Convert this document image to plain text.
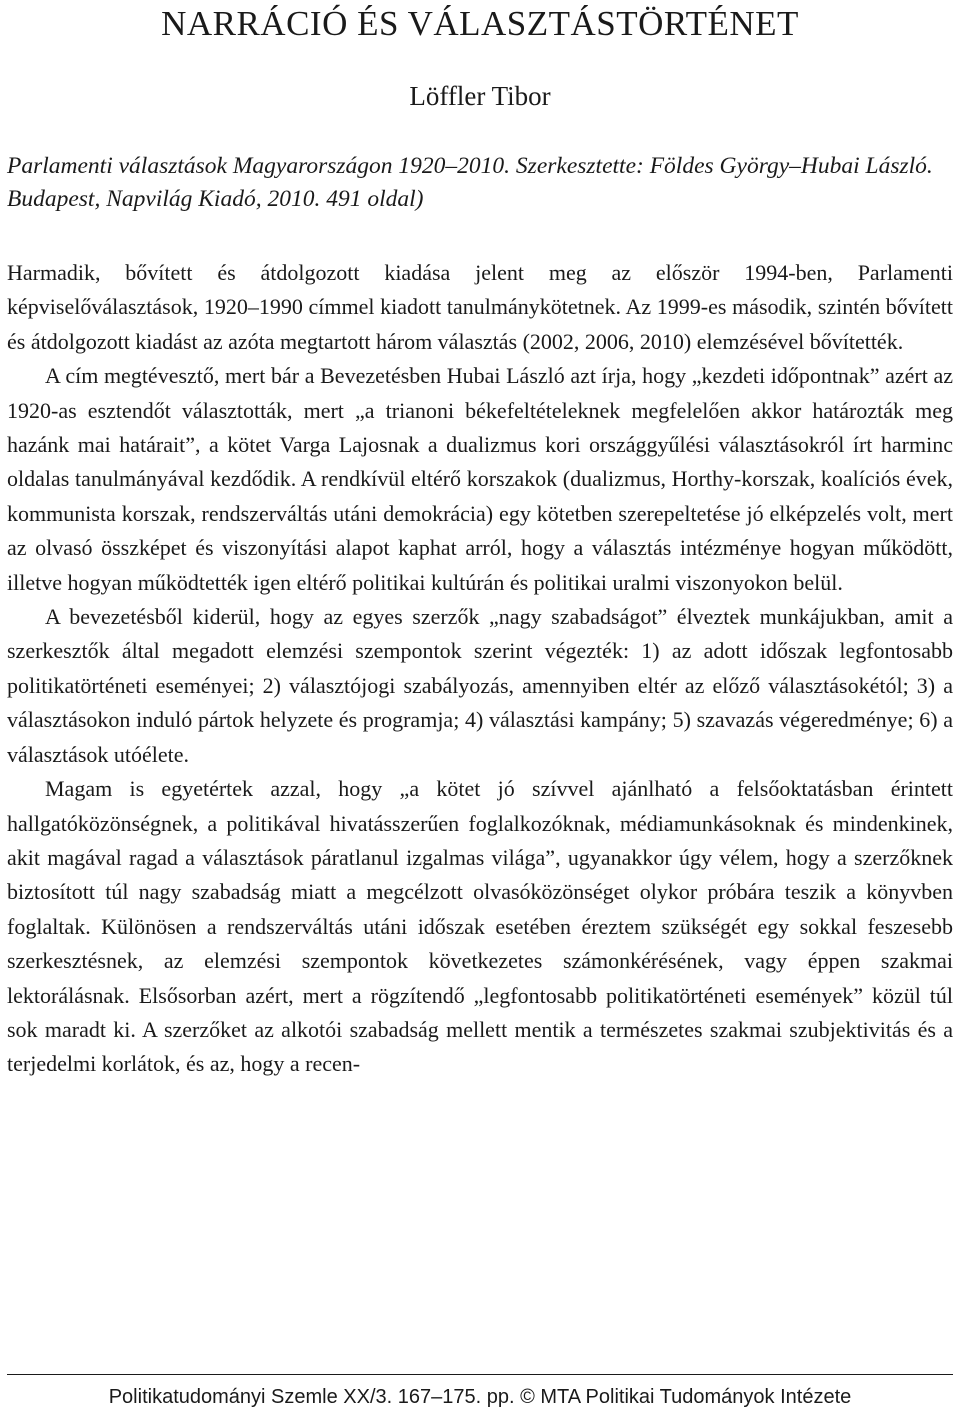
NARRÁCIÓ ÉS VÁLASZTÁSTÖRTÉNET
Löffler Tibor

Parlamenti választások Magyarországon 1920–2010. Szerkesztette: Földes György–Hubai László. Budapest, Napvilág Kiadó, 2010. 491 oldal)

Harmadik, bővített és átdolgozott kiadása jelent meg az először 1994-ben, Parlamenti képviselőválasztások, 1920–1990 címmel kiadott tanulmánykötetnek. Az 1999-es második, szintén bővített és átdolgozott kiadást az azóta megtartott három választás (2002, 2006, 2010) elemzésével bővítették.

A cím megtévesztő, mert bár a Bevezetésben Hubai László azt írja, hogy „kezdeti időpontnak” azért az 1920-as esztendőt választották, mert „a trianoni békefeltételeknek megfelelően akkor határozták meg hazánk mai határait”, a kötet Varga Lajosnak a dualizmus kori országgyűlési választásokról írt harminc oldalas tanulmányával kezdődik. A rendkívül eltérő korszakok (dualizmus, Horthy-korszak, koalíciós évek, kommunista korszak, rendszerváltás utáni demokrácia) egy kötetben szerepeltetése jó elképzelés volt, mert az olvasó összképet és viszonyítási alapot kaphat arról, hogy a választás intézménye hogyan működött, illetve hogyan működtették igen eltérő politikai kultúrán és politikai uralmi viszonyokon belül.

A bevezetésből kiderül, hogy az egyes szerzők „nagy szabadságot” élveztek munkájukban, amit a szerkesztők által megadott elemzési szempontok szerint végezték: 1) az adott időszak legfontosabb politikatörténeti eseményei; 2) választójogi szabályozás, amennyiben eltér az előző választásokétól; 3) a választásokon induló pártok helyzete és programja; 4) választási kampány; 5) szavazás végeredménye; 6) a választások utóélete.

Magam is egyetértek azzal, hogy „a kötet jó szívvel ajánlható a felsőoktatásban érintett hallgatóközönségnek, a politikával hivatásszerűen foglalkozóknak, médiamunkásoknak és mindenkinek, akit magával ragad a választások páratlanul izgalmas világa”, ugyanakkor úgy vélem, hogy a szerzőknek biztosított túl nagy szabadság miatt a megcélzott olvasóközönséget olykor próbára teszik a könyvben foglaltak. Különösen a rendszerváltás utáni időszak esetében éreztem szükségét egy sokkal feszesebb szerkesztésnek, az elemzési szempontok következetes számonkérésének, vagy éppen szakmai lektorálásnak. Elsősorban azért, mert a rögzítendő „legfontosabb politikatörténeti események” közül túl sok maradt ki. A szerzőket az alkotói szabadság mellett mentik a természetes szakmai szubjektivitás és a terjedelmi korlátok, és az, hogy a recen-

Politikatudományi Szemle XX/3. 167–175. pp. © MTA Politikai Tudományok Intézete
